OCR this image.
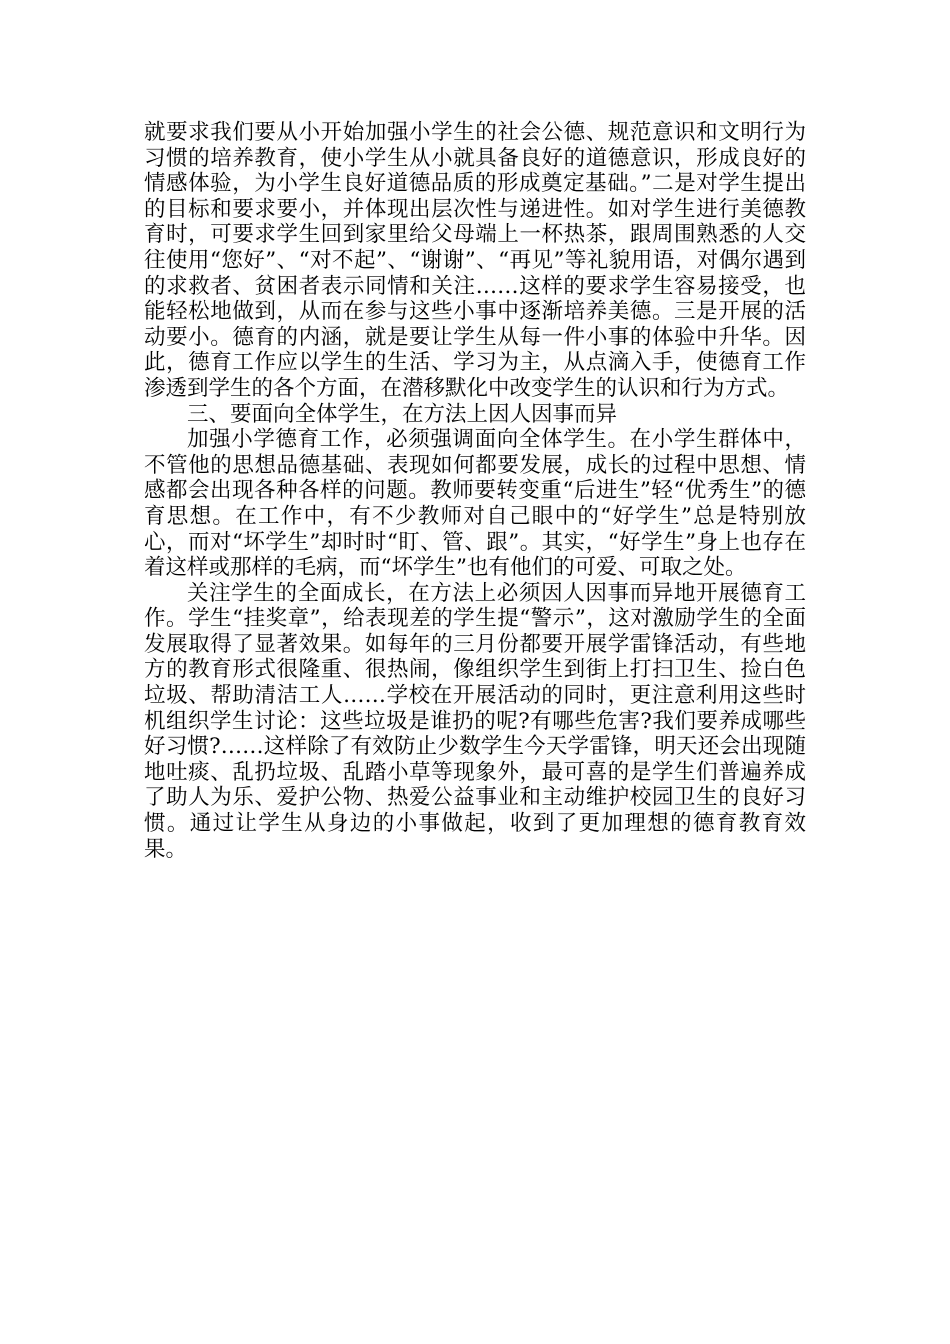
就要求我们要从小开始加强小学生的社会公德、规范意识和文明行为习惯的培养教育，使小学生从小就具备良好的道德意识，形成良好的情感体验，为小学生良好道德品质的形成奠定基础。”二是对学生提出的目标和要求要小，并体现出层次性与递进性。如对学生进行美德教育时，可要求学生回到家里给父母端上一杯热茶，跟周围熟悉的人交往使用“您好”、“对不起”、“谢谢”、“再见”等礼貌用语，对偶尔遇到的求救者、贫困者表示同情和关注……这样的要求学生容易接受，也能轻松地做到，从而在参与这些小事中逐渐培养美德。三是开展的活动要小。德育的内涵，就是要让学生从每一件小事的体验中升华。因此，德育工作应以学生的生活、学习为主，从点滴入手，使德育工作渗透到学生的各个方面，在潜移默化中改变学生的认识和行为方式。

三、要面向全体学生，在方法上因人因事而异

加强小学德育工作，必须强调面向全体学生。在小学生群体中，不管他的思想品德基础、表现如何都要发展，成长的过程中思想、情感都会出现各种各样的问题。教师要转变重“后进生”轻“优秀生”的德育思想。在工作中，有不少教师对自己眼中的“好学生”总是特别放心，而对“坏学生”却时时“盯、管、跟”。其实，“好学生”身上也存在着这样或那样的毛病，而“坏学生”也有他们的可爱、可取之处。

关注学生的全面成长，在方法上必须因人因事而异地开展德育工作。学生“挂奖章”，给表现差的学生提“警示”，这对激励学生的全面发展取得了显著效果。如每年的三月份都要开展学雷锋活动，有些地方的教育形式很隆重、很热闹，像组织学生到街上打扫卫生、捡白色垃圾、帮助清洁工人……学校在开展活动的同时，更注意利用这些时机组织学生讨论：这些垃圾是谁扔的呢?有哪些危害?我们要养成哪些好习惯?……这样除了有效防止少数学生今天学雷锋，明天还会出现随地吐痰、乱扔垃圾、乱踏小草等现象外，最可喜的是学生们普遍养成了助人为乐、爱护公物、热爱公益事业和主动维护校园卫生的良好习惯。通过让学生从身边的小事做起，收到了更加理想的德育教育效果。
